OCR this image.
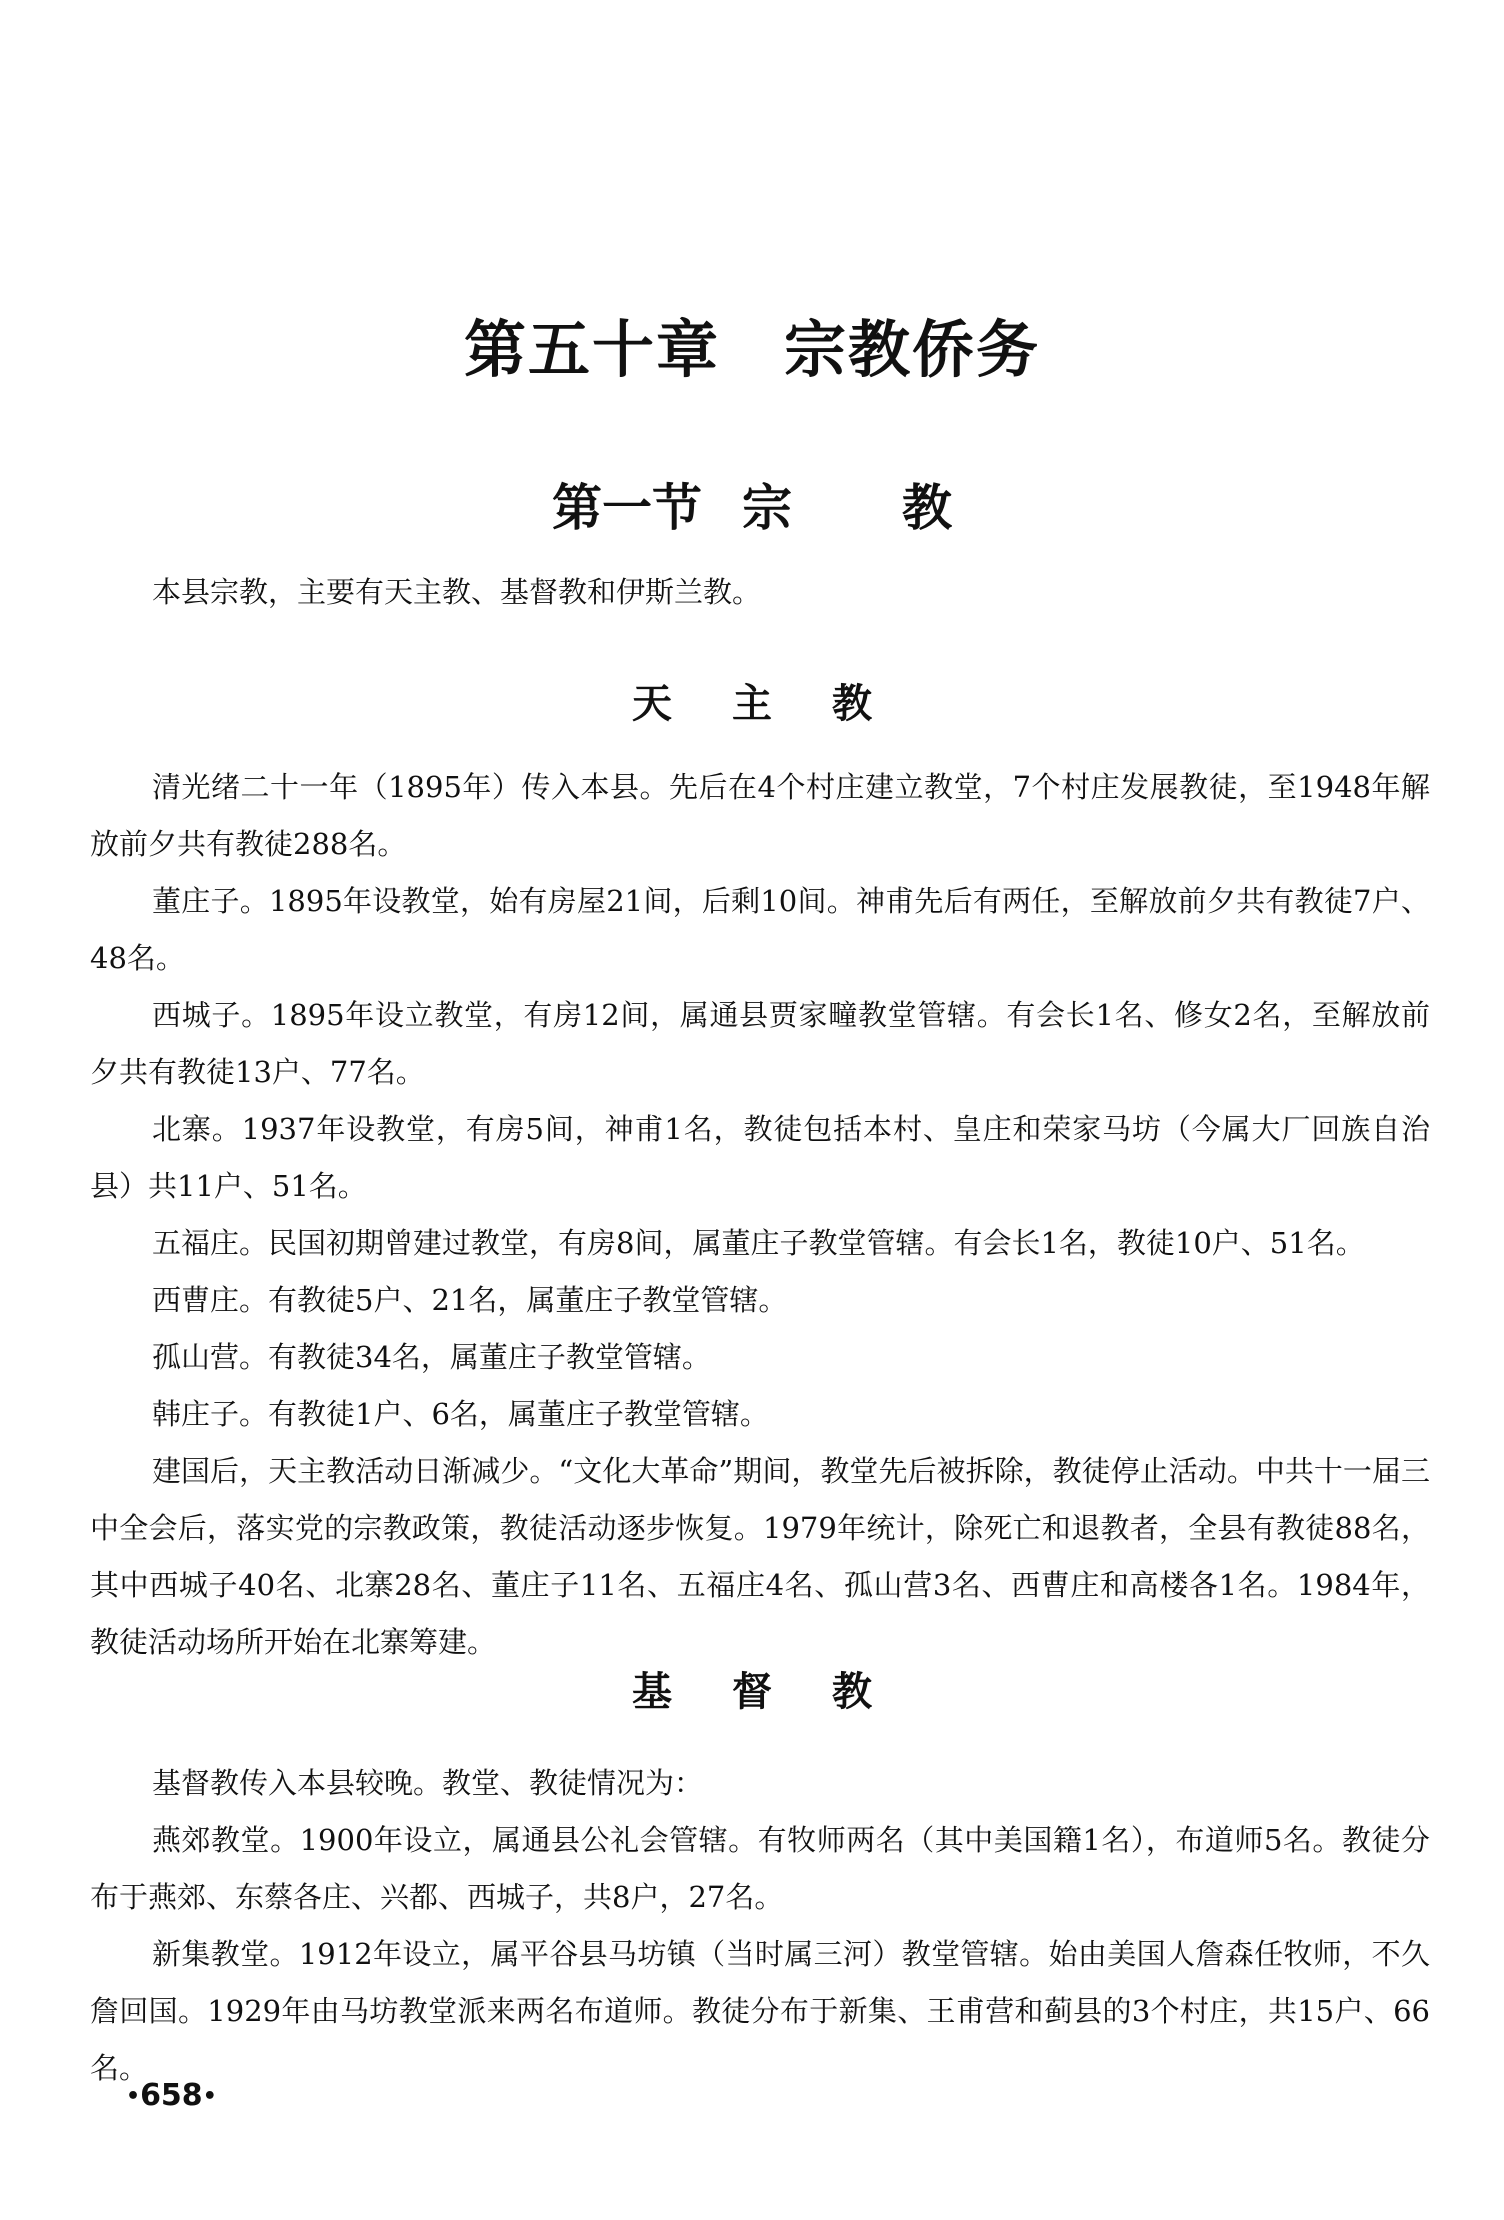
第五十章 宗教侨务
第一节 宗 教

本县宗教，主要有天主教、基督教和伊斯兰教。

天主教

清光绪二十一年（1895年）传入本县。先后在4个村庄建立教堂，7个村庄发展教徒，至1948年解放前夕共有教徒288名。

董庄子。1895年设教堂，始有房屋21间，后剩10间。神甫先后有两任，至解放前夕共有教徒7户、48名。

西城子。1895年设立教堂，有房12间，属通县贾家疃教堂管辖。有会长1名、修女2名，至解放前夕共有教徒13户、77名。

北寨。1937年设教堂，有房5间，神甫1名，教徒包括本村、皇庄和荣家马坊（今属大厂回族自治县）共11户、51名。

五福庄。民国初期曾建过教堂，有房8间，属董庄子教堂管辖。有会长1名，教徒10户、51名。

西曹庄。有教徒5户、21名，属董庄子教堂管辖。

孤山营。有教徒34名，属董庄子教堂管辖。

韩庄子。有教徒1户、6名，属董庄子教堂管辖。

建国后，天主教活动日渐减少。“文化大革命”期间，教堂先后被拆除，教徒停止活动。中共十一届三中全会后，落实党的宗教政策，教徒活动逐步恢复。1979年统计，除死亡和退教者，全县有教徒88名，其中西城子40名、北寨28名、董庄子11名、五福庄4名、孤山营3名、西曹庄和高楼各1名。1984年，教徒活动场所开始在北寨筹建。

基督教

基督教传入本县较晚。教堂、教徒情况为：

燕郊教堂。1900年设立，属通县公礼会管辖。有牧师两名（其中美国籍1名），布道师5名。教徒分布于燕郊、东蔡各庄、兴都、西城子，共8户，27名。

新集教堂。1912年设立，属平谷县马坊镇（当时属三河）教堂管辖。始由美国人詹森任牧师，不久詹回国。1929年由马坊教堂派来两名布道师。教徒分布于新集、王甫营和蓟县的3个村庄，共15户、66名。

•658•
